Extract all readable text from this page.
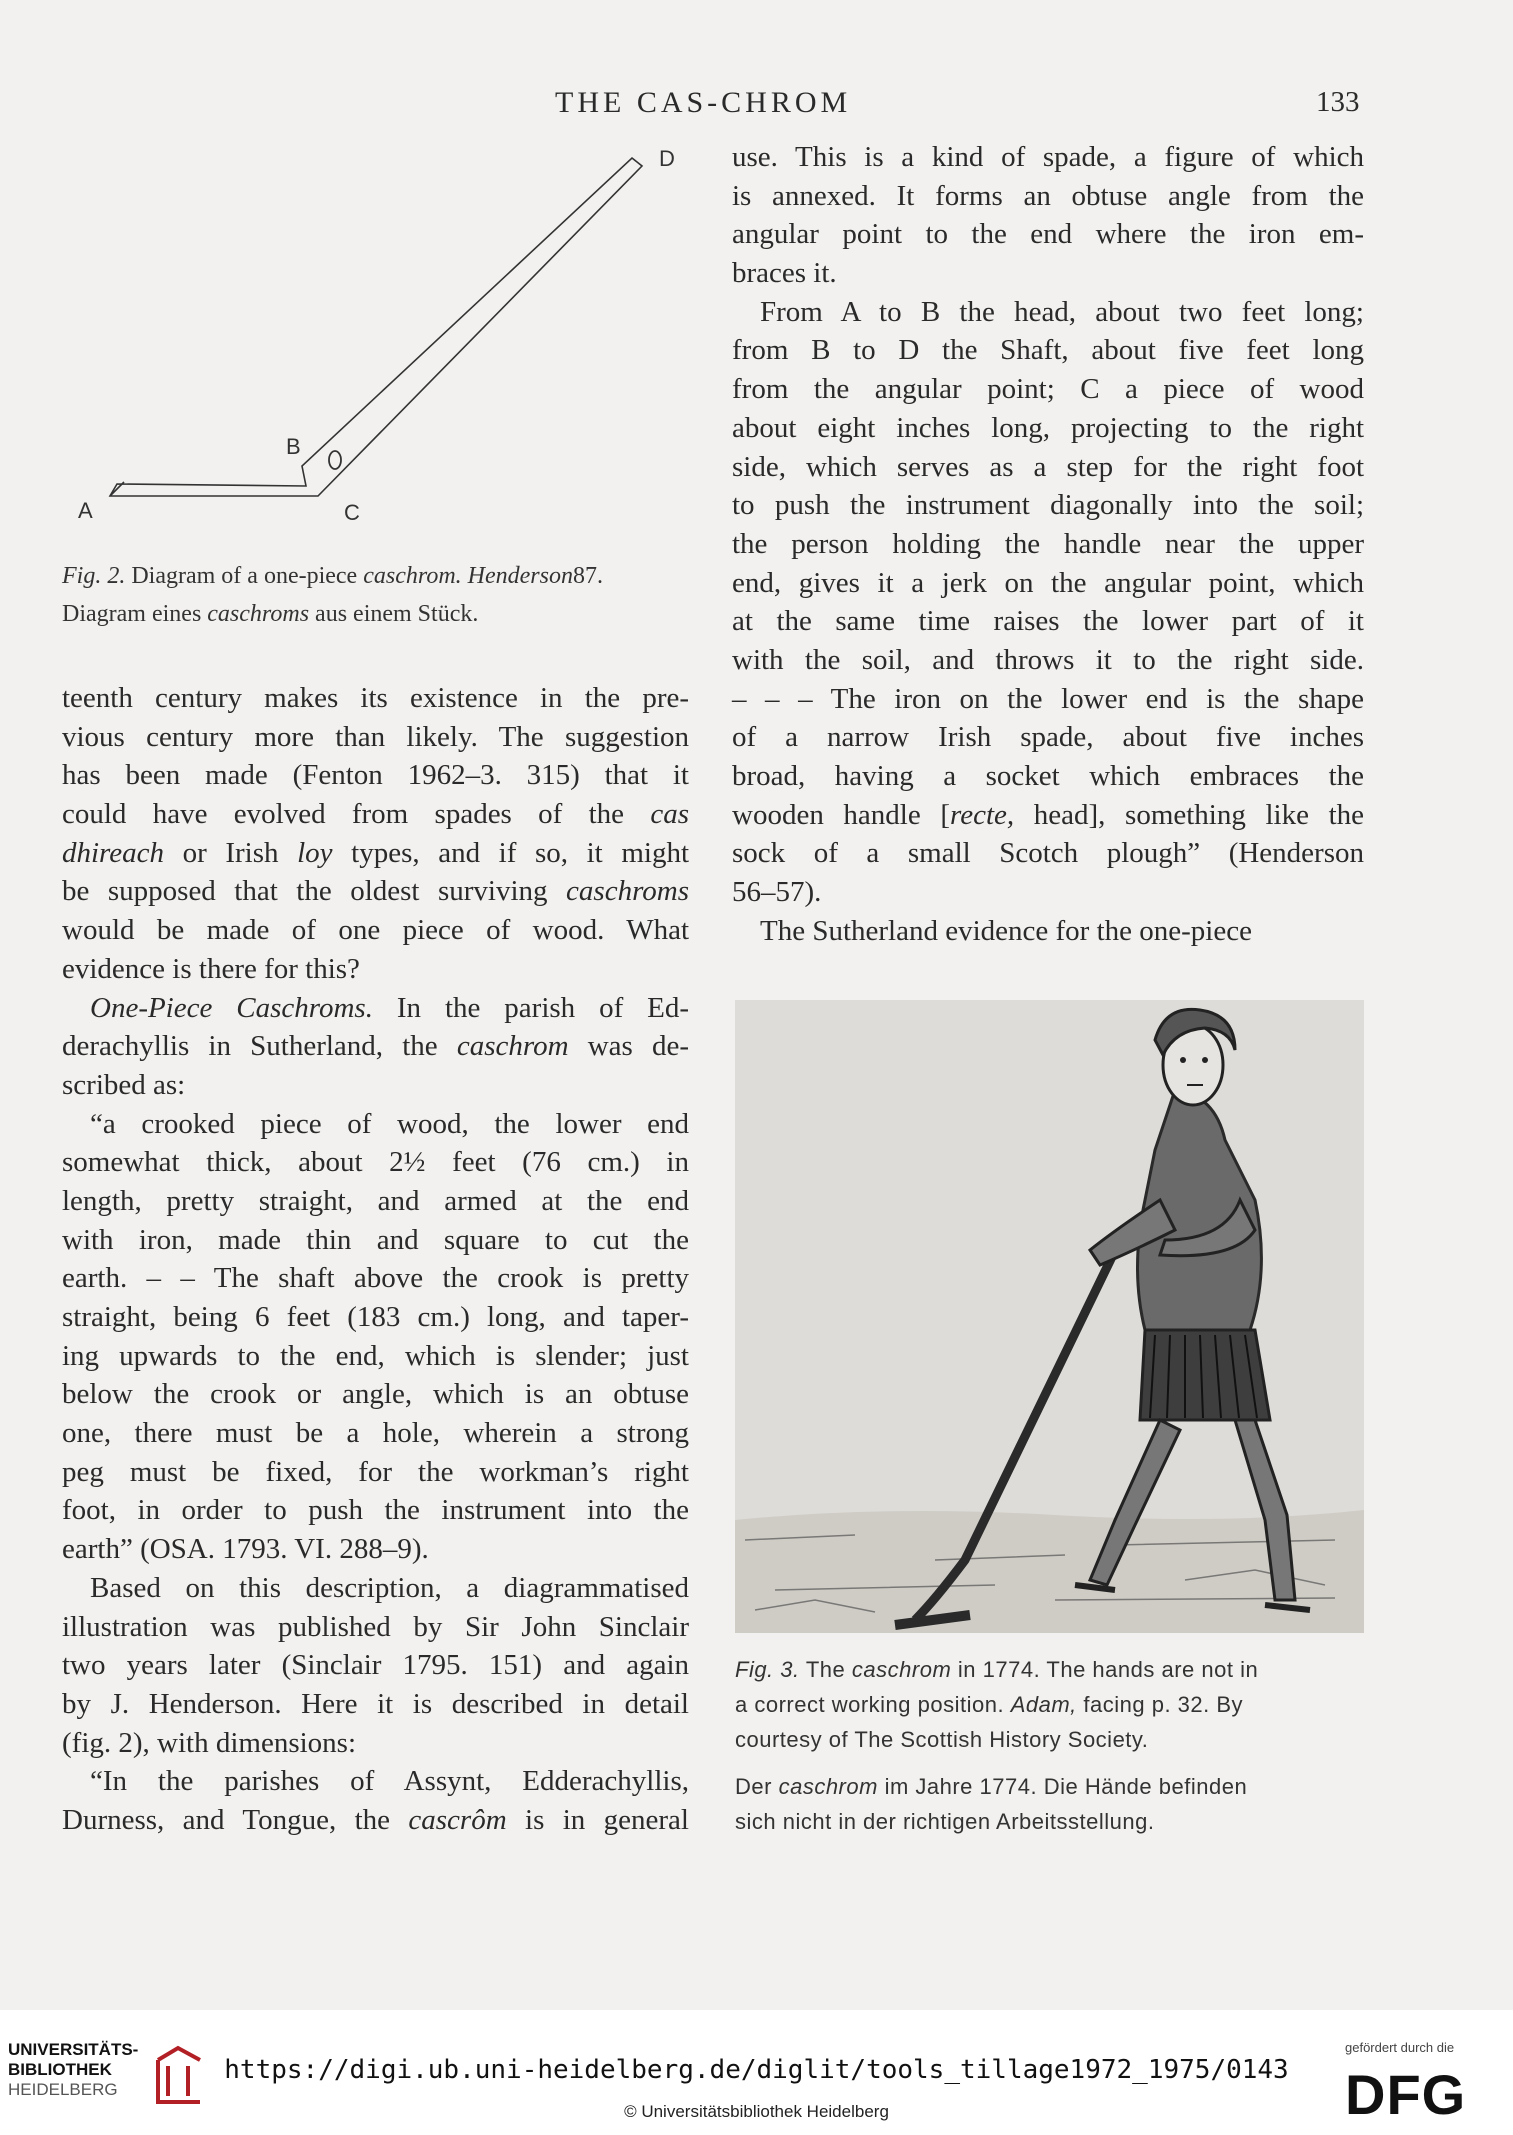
THE CAS-CHROM	133
A
B
C
D
Fig. 2. Diagram of a one-piece caschrom. Henderson87.
Diagram eines caschroms aus einem Stück.
teenth century makes its existence in the pre-
vious century more than likely. The suggestion
has been made (Fenton 1962–3. 315) that it
could have evolved from spades of the cas
dhireach or Irish loy types, and if so, it might
be supposed that the oldest surviving caschroms
would be made of one piece of wood. What
evidence is there for this?
One-Piece Caschroms. In the parish of Ed-
derachyllis in Sutherland, the caschrom was de-
scribed as:
“a crooked piece of wood, the lower end
somewhat thick, about 2½ feet (76 cm.) in
length, pretty straight, and armed at the end
with iron, made thin and square to cut the
earth. – – The shaft above the crook is pretty
straight, being 6 feet (183 cm.) long, and taper-
ing upwards to the end, which is slender; just
below the crook or angle, which is an obtuse
one, there must be a hole, wherein a strong
peg must be fixed, for the workman’s right
foot, in order to push the instrument into the
earth” (OSA. 1793. VI. 288–9).
Based on this description, a diagrammatised
illustration was published by Sir John Sinclair
two years later (Sinclair 1795. 151) and again
by J. Henderson. Here it is described in detail
(fig. 2), with dimensions:
“In the parishes of Assynt, Edderachyllis,
Durness, and Tongue, the cascrôm is in general
use. This is a kind of spade, a figure of which
is annexed. It forms an obtuse angle from the
angular point to the end where the iron em-
braces it.
From A to B the head, about two feet long;
from B to D the Shaft, about five feet long
from the angular point; C a piece of wood
about eight inches long, projecting to the right
side, which serves as a step for the right foot
to push the instrument diagonally into the soil;
the person holding the handle near the upper
end, gives it a jerk on the angular point, which
at the same time raises the lower part of it
with the soil, and throws it to the right side.
– – – The iron on the lower end is the shape
of a narrow Irish spade, about five inches
broad, having a socket which embraces the
wooden handle [recte, head], something like the
sock of a small Scotch plough” (Henderson
56–57).
The Sutherland evidence for the one-piece
Fig. 3. The caschrom in 1774. The hands are not in
a correct working position. Adam, facing p. 32. By
courtesy of The Scottish History Society.
Der caschrom im Jahre 1774. Die Hände befinden
sich nicht in der richtigen Arbeitsstellung.
UNIVERSITÄTS-
BIBLIOTHEK
HEIDELBERG
https://digi.ub.uni-heidelberg.de/diglit/tools_tillage1972_1975/0143
© Universitätsbibliothek Heidelberg
gefördert durch die
DFG
